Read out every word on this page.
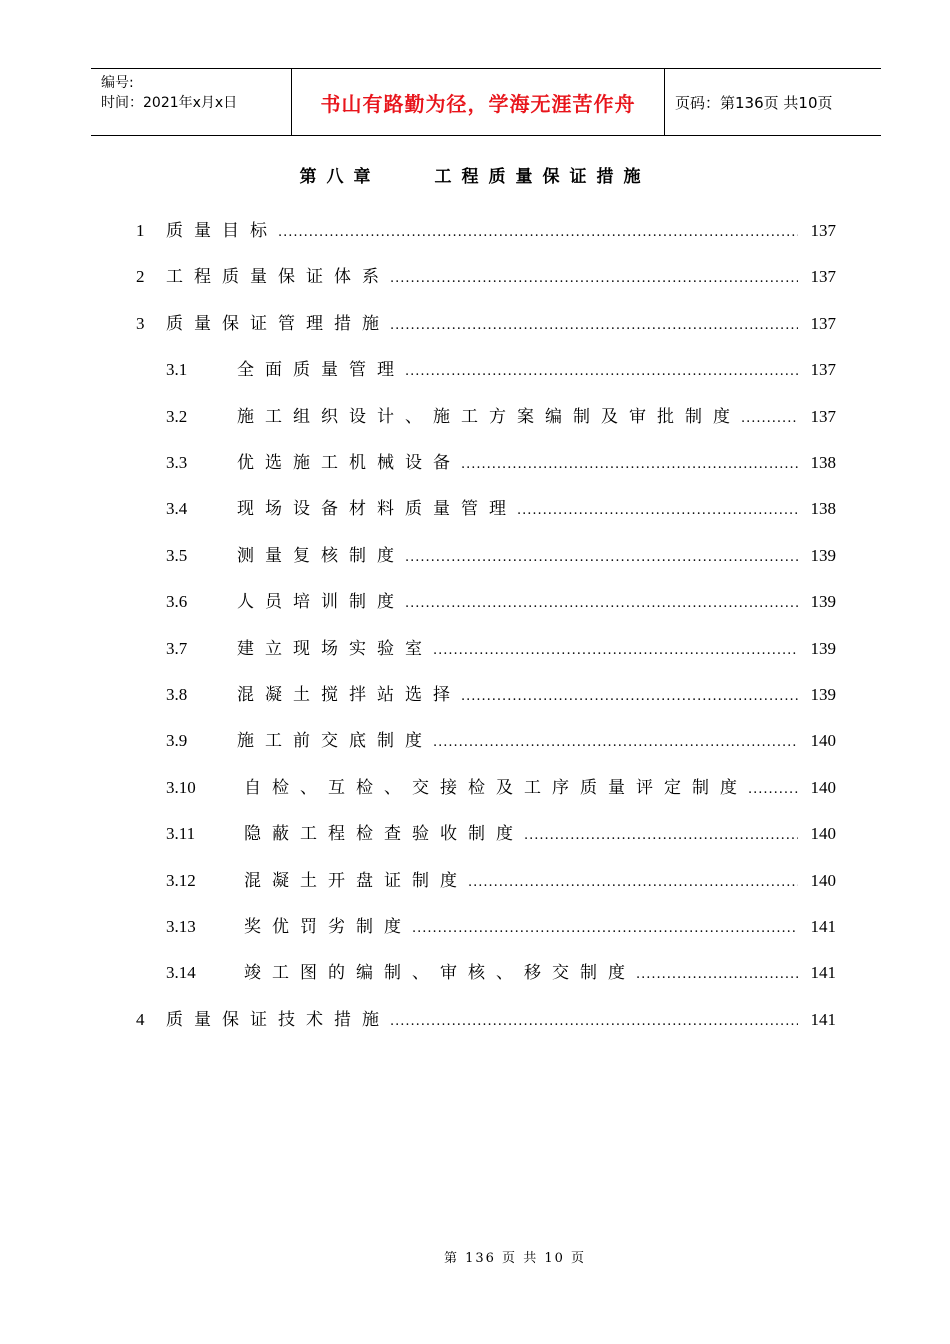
编号:
时间：2021年x月x日	书山有路勤为径，学海无涯苦作舟	页码：第136页 共10页
第八章　　工程质量保证措施
1	质量目标 .....	137
2	工程质量保证体系 .....	137
3	质量保证管理措施 .....	137
3.1	全面质量管理 .....	137
3.2	施工组织设计、施工方案编制及审批制度 .....	137
3.3	优选施工机械设备 .....	138
3.4	现场设备材料质量管理 .....	138
3.5	测量复核制度 .....	139
3.6	人员培训制度 .....	139
3.7	建立现场实验室 .....	139
3.8	混凝土搅拌站选择 .....	139
3.9	施工前交底制度 .....	140
3.10	自检、互检、交接检及工序质量评定制度 .....	140
3.11	隐蔽工程检查验收制度 .....	140
3.12	混凝土开盘证制度 .....	140
3.13	奖优罚劣制度 .....	141
3.14	竣工图的编制、审核、移交制度 .....	141
4	质量保证技术措施 .....	141
第 136 页 共 10 页
